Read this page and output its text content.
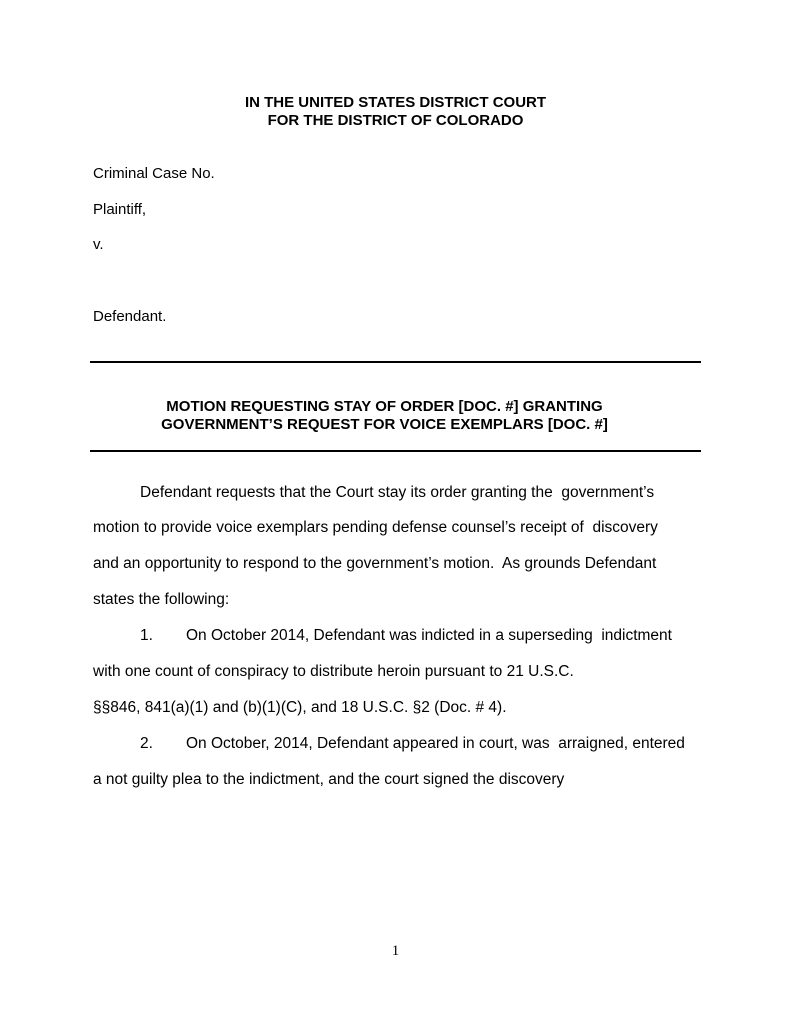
IN THE UNITED STATES DISTRICT COURT
FOR THE DISTRICT OF COLORADO
Criminal Case No.
Plaintiff,
v.
Defendant.
MOTION REQUESTING STAY OF ORDER [DOC. #] GRANTING
GOVERNMENT’S REQUEST FOR VOICE EXEMPLARS [DOC. #]
Defendant requests that the Court stay its order granting the  government’s
motion to provide voice exemplars pending defense counsel’s receipt of  discovery
and an opportunity to respond to the government’s motion.  As grounds Defendant
states the following:
1. On October 2014, Defendant was indicted in a superseding  indictment
with one count of conspiracy to distribute heroin pursuant to 21 U.S.C.
§§846, 841(a)(1) and (b)(1)(C), and 18 U.S.C. §2 (Doc. # 4).
2. On October, 2014, Defendant appeared in court, was  arraigned, entered
a not guilty plea to the indictment, and the court signed the discovery
1
